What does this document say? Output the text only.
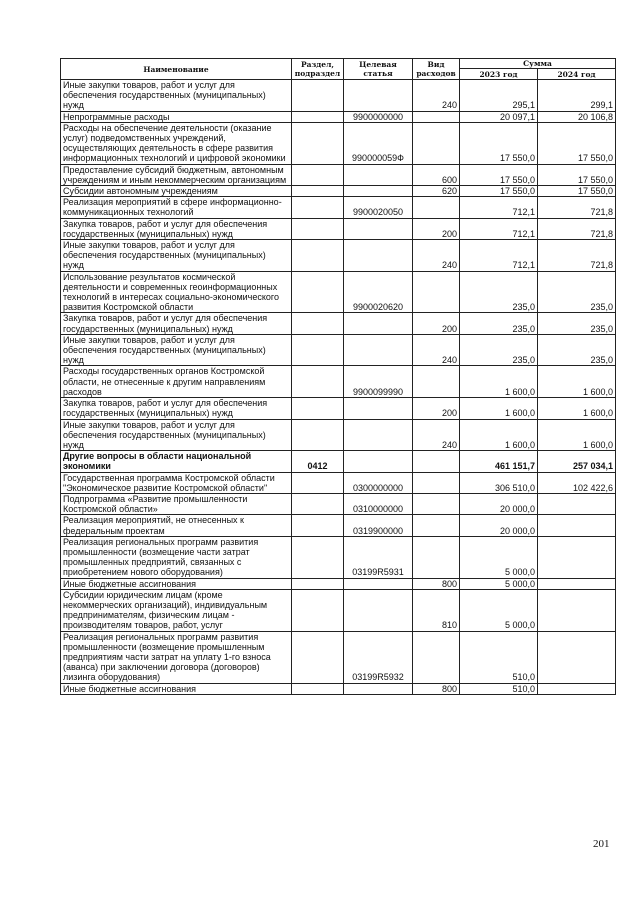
Наименование	Раздел, подраздел	Целевая статья	Вид расходов	Сумма	
				2023 год	2024 год
Иные закупки товаров, работ и услуг для обеспечения государственных (муниципальных) нужд			240	295,1	299,1
Непрограммные расходы		9900000000		20 097,1	20 106,8
Расходы на обеспечение деятельности (оказание услуг) подведомственных учреждений, осуществляющих деятельность в сфере развития информационных технологий и цифровой экономики		990000059Ф		17 550,0	17 550,0
Предоставление субсидий бюджетным, автономным учреждениям и иным некоммерческим организациям			600	17 550,0	17 550,0
Субсидии автономным учреждениям			620	17 550,0	17 550,0
Реализация мероприятий в сфере информационно-коммуникационных технологий		9900020050		712,1	721,8
Закупка товаров, работ и услуг для обеспечения государственных (муниципальных) нужд			200	712,1	721,8
Иные закупки товаров, работ и услуг для обеспечения государственных (муниципальных) нужд			240	712,1	721,8
Использование результатов космической деятельности и современных геоинформационных технологий в интересах социально-экономического развития Костромской области		9900020620		235,0	235,0
Закупка товаров, работ и услуг для обеспечения государственных (муниципальных) нужд			200	235,0	235,0
Иные закупки товаров, работ и услуг для обеспечения государственных (муниципальных) нужд			240	235,0	235,0
Расходы государственных органов Костромской области, не отнесенные к другим направлениям расходов		9900099990		1 600,0	1 600,0
Закупка товаров, работ и услуг для обеспечения государственных (муниципальных) нужд			200	1 600,0	1 600,0
Иные закупки товаров, работ и услуг для обеспечения государственных (муниципальных) нужд			240	1 600,0	1 600,0
Другие вопросы в области национальной экономики	0412			461 151,7	257 034,1
Государственная программа Костромской области "Экономическое развитие Костромской области"		0300000000		306 510,0	102 422,6
Подпрограмма «Развитие промышленности Костромской области»		0310000000		20 000,0	
Реализация мероприятий, не отнесенных к федеральным проектам		0319900000		20 000,0	
Реализация региональных программ развития промышленности (возмещение части затрат промышленных предприятий, связанных с приобретением нового оборудования)		03199R5931		5 000,0	
Иные бюджетные ассигнования			800	5 000,0	
Субсидии юридическим лицам (кроме некоммерческих организаций), индивидуальным предпринимателям, физическим лицам - производителям товаров, работ, услуг			810	5 000,0	
Реализация региональных программ развития промышленности (возмещение промышленным предприятиям части затрат на уплату 1-го взноса (аванса) при заключении договора (договоров) лизинга оборудования)		03199R5932		510,0	
Иные бюджетные ассигнования			800	510,0	
201
